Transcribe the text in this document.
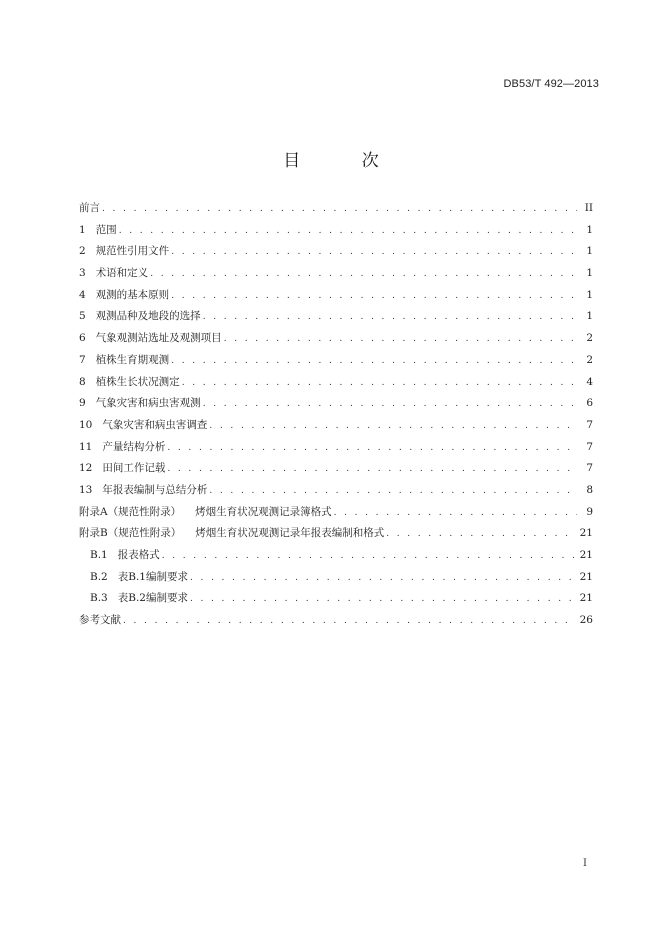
DB53/T 492—2013
目 次
前言 . . .	II
1 范围 . . .	1
2 规范性引用文件 . . .	1
3 术语和定义 . . .	1
4 观测的基本原则 . . .	1
5 观测品种及地段的选择 . . .	1
6 气象观测站选址及观测项目 . . .	2
7 植株生育期观测 . . .	2
8 植株生长状况测定 . . .	4
9 气象灾害和病虫害观测 . . .	6
10 气象灾害和病虫害调查 . . .	7
11 产量结构分析 . . .	7
12 田间工作记载 . . .	7
13 年报表编制与总结分析 . . .	8
附录A（规范性附录） 烤烟生育状况观测记录簿格式 . . .	9
附录B（规范性附录） 烤烟生育状况观测记录年报表编制和格式 . . .	21
B.1 报表格式 . . .	21
B.2 表B.1编制要求 . . .	21
B.3 表B.2编制要求 . . .	21
参考文献 . . .	26
I
